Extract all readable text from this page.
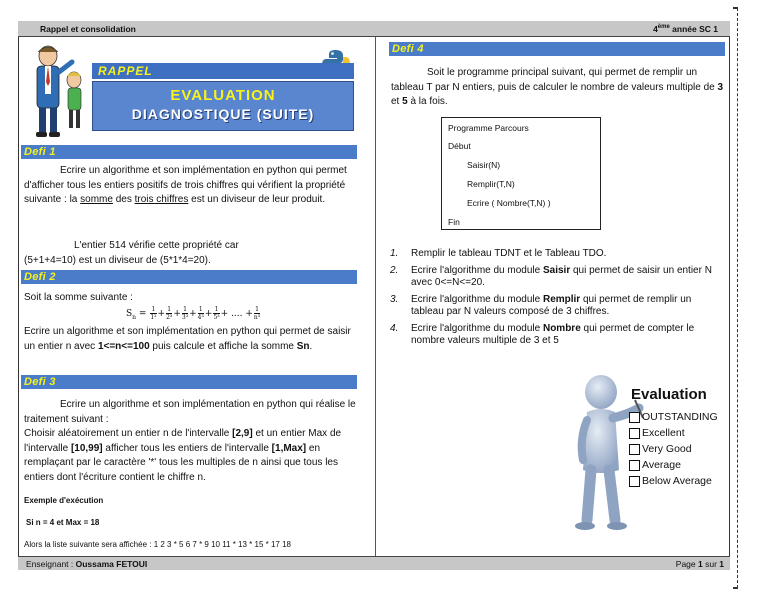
Rappel et consolidation	4ème année SC 1
RAPPEL
EVALUATION
DIAGNOSTIQUE (SUITE)
Defi 1
Ecrire un algorithme et son implémentation en python qui permet d'afficher tous les entiers positifs de trois chiffres qui vérifient la propriété suivante : la somme des trois chiffres est un diviseur de leur produit.
L'entier 514 vérifie cette propriété car
(5+1+4=10) est un diviseur de (5*1*4=20).
Defi 2
Soit la somme suivante :
$S_n = \frac{1}{\text{1²}} + \frac{1}{\text{2³}} + \frac{1}{\text{3³}} + \frac{1}{\text{4³}} + \frac{1}{\text{5³}}$ + .... + $\frac{1}{\text{n³}}$
Ecrire un algorithme et son implémentation en python qui permet de saisir un entier n avec 1<=n<=100 puis calcule et affiche la somme Sn.
Defi 3
Ecrire un algorithme et son implémentation en python qui réalise le traitement suivant :
Choisir aléatoirement un entier n de l'intervalle [2,9] et un entier Max de l'intervalle [10,99] afficher tous les entiers de l'intervalle [1,Max] en remplaçant par le caractère '*' tous les multiples de n ainsi que tous les entiers dont l'écriture contient le chiffre n.
Exemple d'exécution
Si n = 4 et Max = 18
Alors la liste suivante sera affichée : 1 2 3 * 5 6 7 * 9 10 11 * 13 * 15 * 17 18
Defi 4
Soit le programme principal suivant, qui permet de remplir un tableau T par N entiers, puis de calculer le nombre de valeurs multiple de 3 et 5 à la fois.
Programme Parcours
Début
Saisir(N)
Remplir(T,N)
Ecrire ( Nombre(T,N) )
Fin
1. Remplir le tableau TDNT et le Tableau TDO.
2. Ecrire l'algorithme du module Saisir qui permet de saisir un entier N avec 0<=N<=20.
3. Ecrire l'algorithme du module Remplir qui permet de remplir un tableau par N valeurs composé de 3 chiffres.
4. Ecrire l'algorithme du module Nombre qui permet de compter le nombre valeurs multiple de 3 et 5
Evaluation
OUTSTANDING
Excellent
Very Good
Average
Below Average
Enseignant : Oussama FETOUI	Page 1 sur 1
